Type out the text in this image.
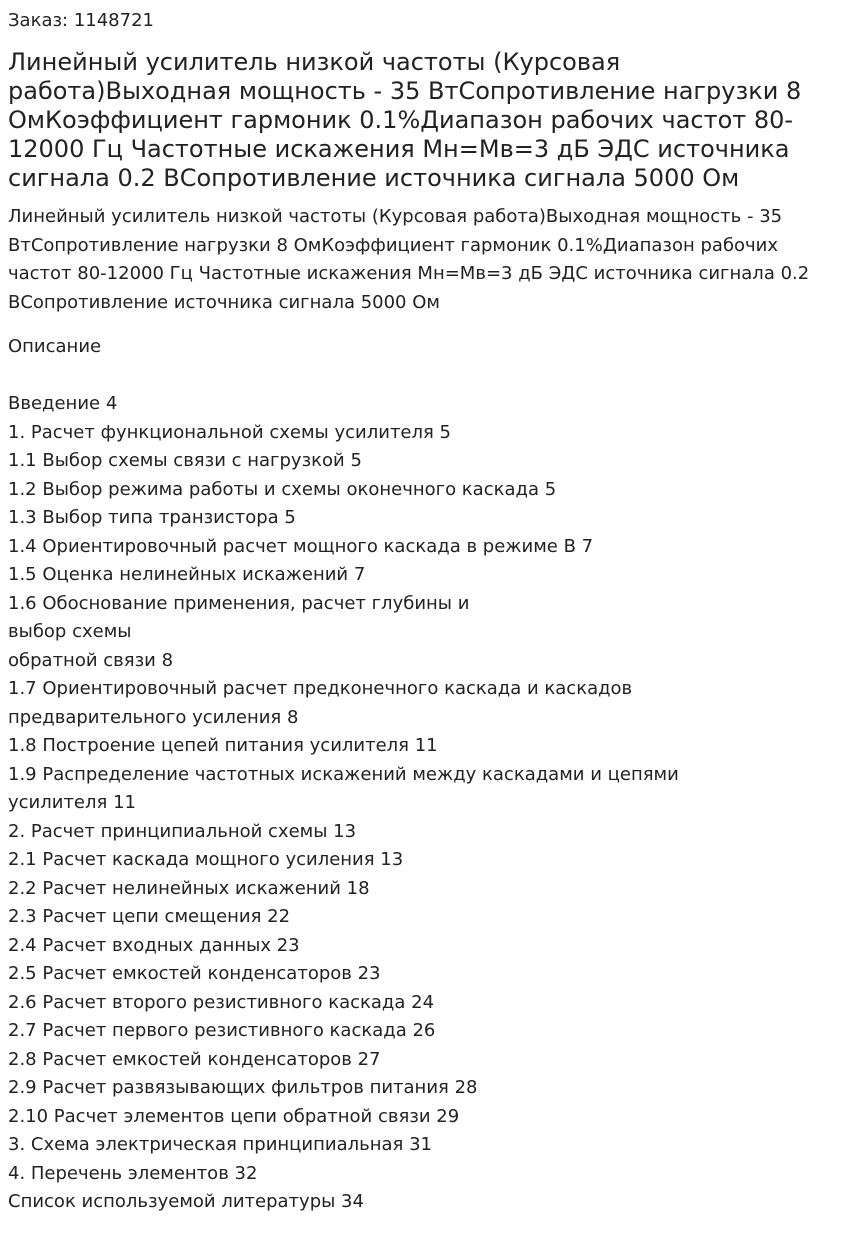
Заказ: 1148721
Линейный усилитель низкой частоты (Курсовая работа)Выходная мощность - 35 ВтСопротивление нагрузки 8 ОмКоэффициент гармоник 0.1%Диапазон рабочих частот 80-12000 Гц Частотные искажения Мн=Мв=3 дБ ЭДС источника сигнала 0.2 ВСопротивление источника сигнала 5000 Ом
Линейный усилитель низкой частоты (Курсовая работа)Выходная мощность - 35 ВтСопротивление нагрузки 8 ОмКоэффициент гармоник 0.1%Диапазон рабочих частот 80-12000 Гц Частотные искажения Мн=Мв=3 дБ ЭДС источника сигнала 0.2 ВСопротивление источника сигнала 5000 Ом
Описание
Введение 4
1. Расчет функциональной схемы усилителя 5
1.1 Выбор схемы связи с нагрузкой 5
1.2 Выбор режима работы и схемы оконечного каскада 5
1.3 Выбор типа транзистора 5
1.4 Ориентировочный расчет мощного каскада в режиме В 7
1.5 Оценка нелинейных искажений 7
1.6 Обоснование применения, расчет глубины и
выбор схемы
обратной связи 8
1.7 Ориентировочный расчет предконечного каскада и каскадов
предварительного усиления 8
1.8 Построение цепей питания усилителя 11
1.9 Распределение частотных искажений между каскадами и цепями
усилителя 11
2. Расчет принципиальной схемы 13
2.1 Расчет каскада мощного усиления 13
2.2 Расчет нелинейных искажений 18
2.3 Расчет цепи смещения 22
2.4 Расчет входных данных 23
2.5 Расчет емкостей конденсаторов 23
2.6 Расчет второго резистивного каскада 24
2.7 Расчет первого резистивного каскада 26
2.8 Расчет емкостей конденсаторов 27
2.9 Расчет развязывающих фильтров питания 28
2.10 Расчет элементов цепи обратной связи 29
3. Схема электрическая принципиальная 31
4. Перечень элементов 32
Список используемой литературы 34
